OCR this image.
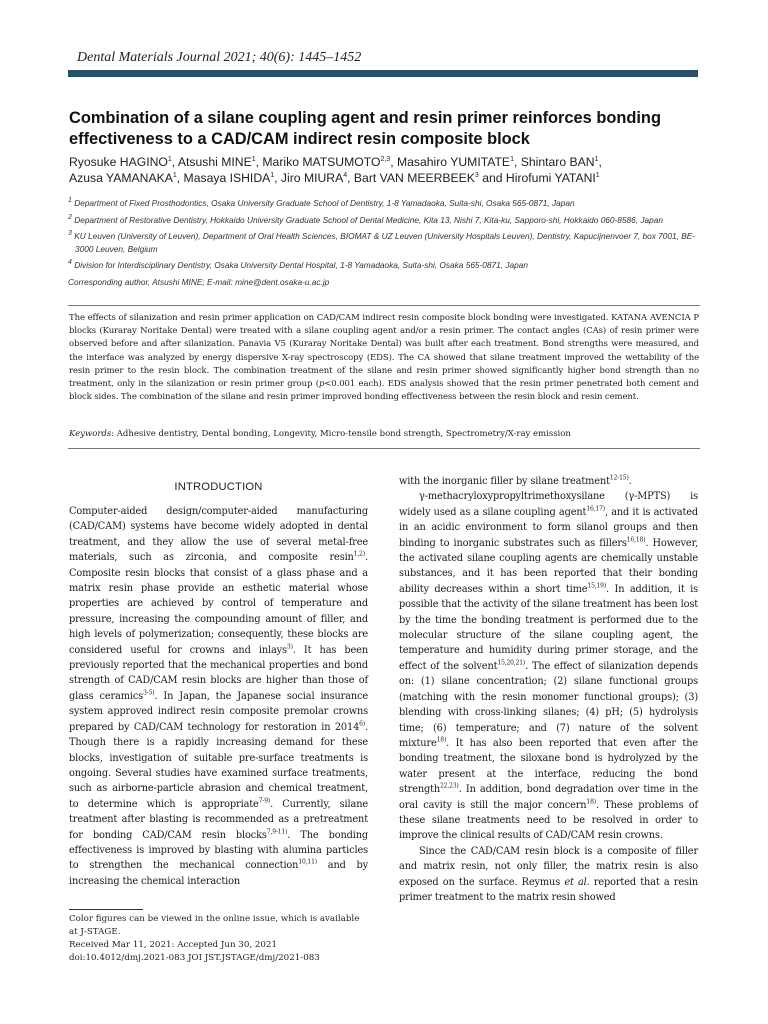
Dental Materials Journal 2021; 40(6): 1445–1452
Combination of a silane coupling agent and resin primer reinforces bonding effectiveness to a CAD/CAM indirect resin composite block
Ryosuke HAGINO$^1$, Atsushi MINE$^1$, Mariko MATSUMOTO$^{2,3}$, Masahiro YUMITATE$^1$, Shintaro BAN$^1$,
Azusa YAMANAKA$^1$, Masaya ISHIDA$^1$, Jiro MIURA$^4$, Bart VAN MEERBEEK$^3$ and Hirofumi YATANI$^1$
$^1$ Department of Fixed Prosthodontics, Osaka University Graduate School of Dentistry, 1-8 Yamadaoka, Suita-shi, Osaka 565-0871, Japan
$^2$ Department of Restorative Dentistry, Hokkaido University Graduate School of Dental Medicine, Kita 13, Nishi 7, Kita-ku, Sapporo-shi, Hokkaido 060-8586, Japan
$^3$ KU Leuven (University of Leuven), Department of Oral Health Sciences, BIOMAT & UZ Leuven (University Hospitals Leuven), Dentistry, Kapucijnenvoer 7, box 7001, BE-3000 Leuven, Belgium
$^4$ Division for Interdisciplinary Dentistry, Osaka University Dental Hospital, 1-8 Yamadaoka, Suita-shi, Osaka 565-0871, Japan
Corresponding author, Atsushi MINE; E-mail: mine@dent.osaka-u.ac.jp

The effects of silanization and resin primer application on CAD/CAM indirect resin composite block bonding were investigated. KATANA AVENCIA P blocks (Kuraray Noritake Dental) were treated with a silane coupling agent and/or a resin primer. The contact angles (CAs) of resin primer were observed before and after silanization. Panavia V5 (Kuraray Noritake Dental) was built after each treatment. Bond strengths were measured, and the interface was analyzed by energy dispersive X-ray spectroscopy (EDS). The CA showed that silane treatment improved the wettability of the resin primer to the resin block. The combination treatment of the silane and resin primer showed significantly higher bond strength than no treatment, only in the silanization or resin primer group (p<0.001 each). EDS analysis showed that the resin primer penetrated both cement and block sides. The combination of the silane and resin primer improved bonding effectiveness between the resin block and resin cement.

Keywords: Adhesive dentistry, Dental bonding, Longevity, Micro-tensile bond strength, Spectrometry/X-ray emission
INTRODUCTION

Computer-aided design/computer-aided manufacturing (CAD/CAM) systems have become widely adopted in dental treatment, and they allow the use of several metal-free materials, such as zirconia, and composite resin$^{1,2)}$. Composite resin blocks that consist of a glass phase and a matrix resin phase provide an esthetic material whose properties are achieved by control of temperature and pressure, increasing the compounding amount of filler, and high levels of polymerization; consequently, these blocks are considered useful for crowns and inlays$^{3)}$. It has been previously reported that the mechanical properties and bond strength of CAD/CAM resin blocks are higher than those of glass ceramics$^{3-5)}$. In Japan, the Japanese social insurance system approved indirect resin composite premolar crowns prepared by CAD/CAM technology for restoration in 2014$^{6)}$. Though there is a rapidly increasing demand for these blocks, investigation of suitable pre-surface treatments is ongoing. Several studies have examined surface treatments, such as airborne-particle abrasion and chemical treatment, to determine which is appropriate$^{7-9)}$. Currently, silane treatment after blasting is recommended as a pretreatment for bonding CAD/CAM resin blocks$^{7,9-11)}$. The bonding effectiveness is improved by blasting with alumina particles to strengthen the mechanical connection$^{10,11)}$ and by increasing the chemical interaction

with the inorganic filler by silane treatment$^{12-15)}$.

γ-methacryloxypropyltrimethoxysilane (γ-MPTS) is widely used as a silane coupling agent$^{16,17)}$, and it is activated in an acidic environment to form silanol groups and then binding to inorganic substrates such as fillers$^{16,18)}$. However, the activated silane coupling agents are chemically unstable substances, and it has been reported that their bonding ability decreases within a short time$^{15,19)}$. In addition, it is possible that the activity of the silane treatment has been lost by the time the bonding treatment is performed due to the molecular structure of the silane coupling agent, the temperature and humidity during primer storage, and the effect of the solvent$^{15,20,21)}$. The effect of silanization depends on: (1) silane concentration; (2) silane functional groups (matching with the resin monomer functional groups); (3) blending with cross-linking silanes; (4) pH; (5) hydrolysis time; (6) temperature; and (7) nature of the solvent mixture$^{18)}$. It has also been reported that even after the bonding treatment, the siloxane bond is hydrolyzed by the water present at the interface, reducing the bond strength$^{22,23)}$. In addition, bond degradation over time in the oral cavity is still the major concern$^{18)}$. These problems of these silane treatments need to be resolved in order to improve the clinical results of CAD/CAM resin crowns.

Since the CAD/CAM resin block is a composite of filler and matrix resin, not only filler, the matrix resin is also exposed on the surface. Reymus et al. reported that a resin primer treatment to the matrix resin showed

Color figures can be viewed in the online issue, which is available at J-STAGE.
Received Mar 11, 2021: Accepted Jun 30, 2021
doi:10.4012/dmj.2021-083 JOI JST.JSTAGE/dmj/2021-083
